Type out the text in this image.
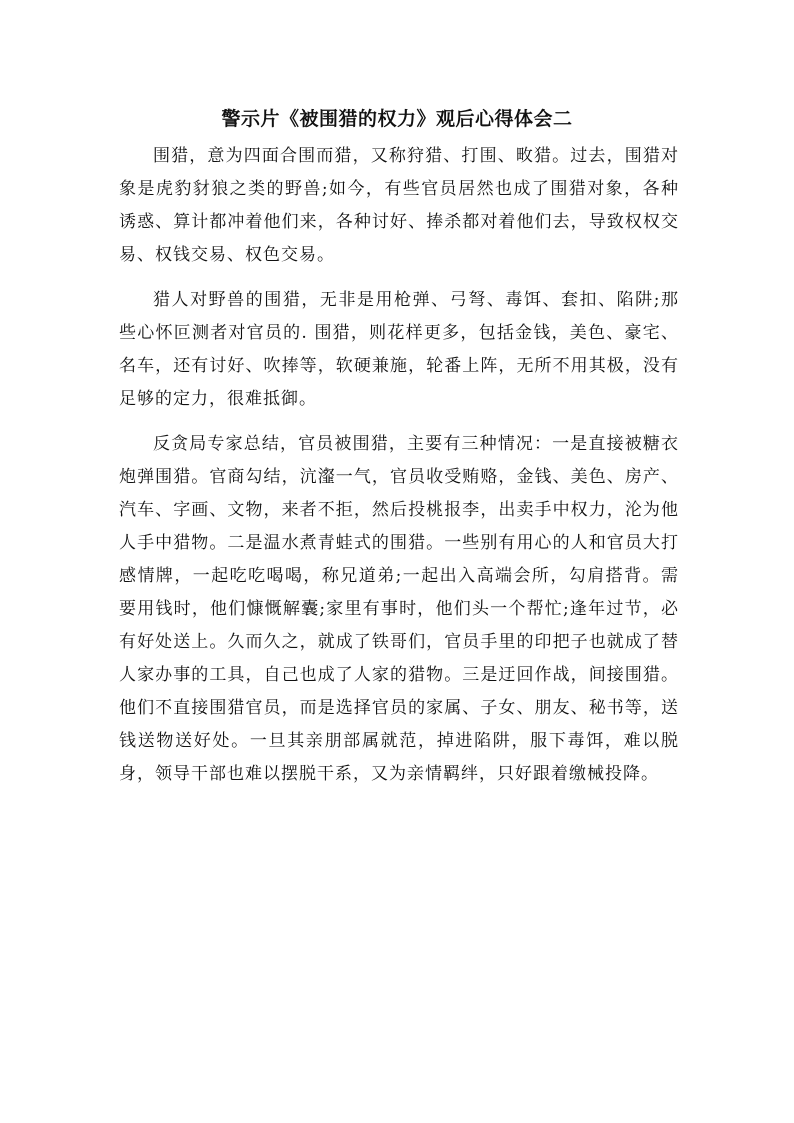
警示片《被围猎的权力》观后心得体会二

围猎，意为四面合围而猎，又称狩猎、打围、畋猎。过去，围猎对象是虎豹豺狼之类的野兽;如今，有些官员居然也成了围猎对象，各种诱惑、算计都冲着他们来，各种讨好、捧杀都对着他们去，导致权权交易、权钱交易、权色交易。

猎人对野兽的围猎，无非是用枪弹、弓弩、毒饵、套扣、陷阱;那些心怀叵测者对官员的. 围猎，则花样更多，包括金钱，美色、豪宅、名车，还有讨好、吹捧等，软硬兼施，轮番上阵，无所不用其极，没有足够的定力，很难抵御。

反贪局专家总结，官员被围猎，主要有三种情况：一是直接被糖衣炮弹围猎。官商勾结，沆瀣一气，官员收受贿赂，金钱、美色、房产、汽车、字画、文物，来者不拒，然后投桃报李，出卖手中权力，沦为他人手中猎物。二是温水煮青蛙式的围猎。一些别有用心的人和官员大打感情牌，一起吃吃喝喝，称兄道弟;一起出入高端会所，勾肩搭背。需要用钱时，他们慷慨解囊;家里有事时，他们头一个帮忙;逢年过节，必有好处送上。久而久之，就成了铁哥们，官员手里的印把子也就成了替人家办事的工具，自己也成了人家的猎物。三是迂回作战，间接围猎。他们不直接围猎官员，而是选择官员的家属、子女、朋友、秘书等，送钱送物送好处。一旦其亲朋部属就范，掉进陷阱，服下毒饵，难以脱身，领导干部也难以摆脱干系，又为亲情羁绊，只好跟着缴械投降。
